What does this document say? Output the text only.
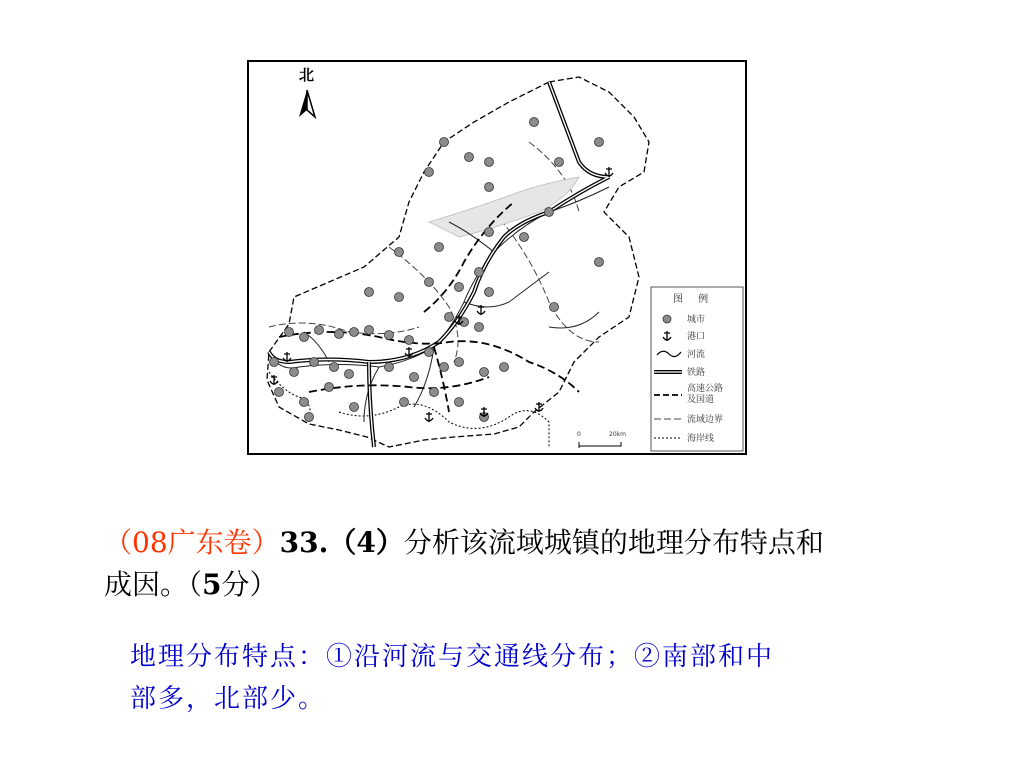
北
0	20km
图 例
城市
港口
河流
铁路
高速公路
及国道
流域边界
海岸线
（08广东卷）33.（4）分析该流域城镇的地理分布特点和
成因。（5分）
地理分布特点：①沿河流与交通线分布；②南部和中
部多，北部少。
